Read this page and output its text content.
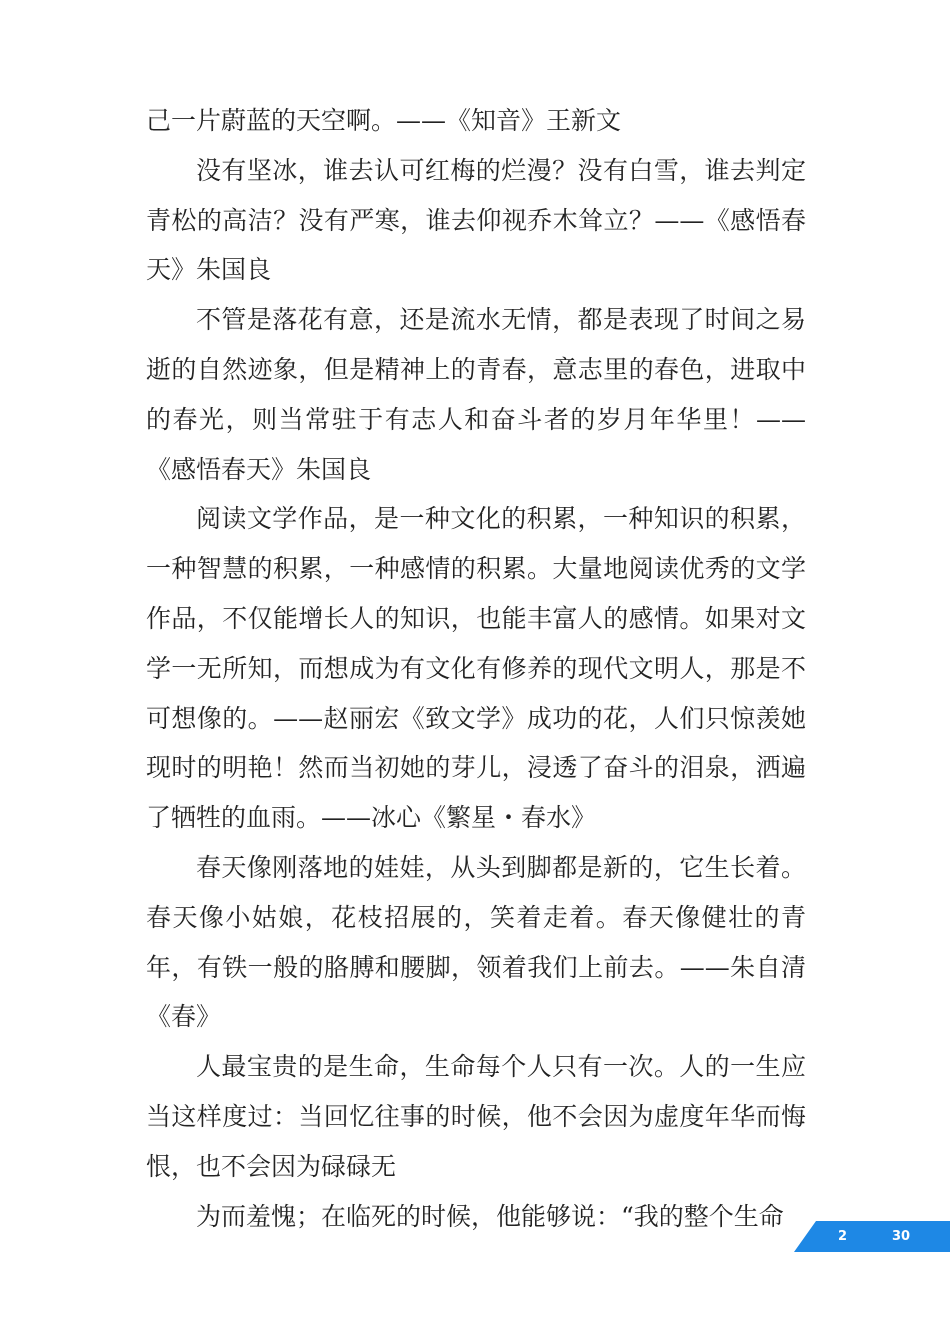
己一片蔚蓝的天空啊。——《知音》王新文

没有坚冰，谁去认可红梅的烂漫？没有白雪，谁去判定青松的高洁？没有严寒，谁去仰视乔木耸立？——《感悟春天》朱国良

不管是落花有意，还是流水无情，都是表现了时间之易逝的自然迹象，但是精神上的青春，意志里的春色，进取中的春光，则当常驻于有志人和奋斗者的岁月年华里！——《感悟春天》朱国良

阅读文学作品，是一种文化的积累，一种知识的积累，一种智慧的积累，一种感情的积累。大量地阅读优秀的文学作品，不仅能增长人的知识，也能丰富人的感情。如果对文学一无所知，而想成为有文化有修养的现代文明人，那是不可想像的。——赵丽宏《致文学》成功的花，人们只惊羡她现时的明艳！然而当初她的芽儿，浸透了奋斗的泪泉，洒遍了牺牲的血雨。——冰心《繁星・春水》

春天像刚落地的娃娃，从头到脚都是新的，它生长着。春天像小姑娘，花枝招展的，笑着走着。春天像健壮的青年，有铁一般的胳膊和腰脚，领着我们上前去。——朱自清《春》

人最宝贵的是生命，生命每个人只有一次。人的一生应当这样度过：当回忆往事的时候，他不会因为虚度年华而悔恨，也不会因为碌碌无

为而羞愧；在临死的时候，他能够说：“我的整个生命

2	30
